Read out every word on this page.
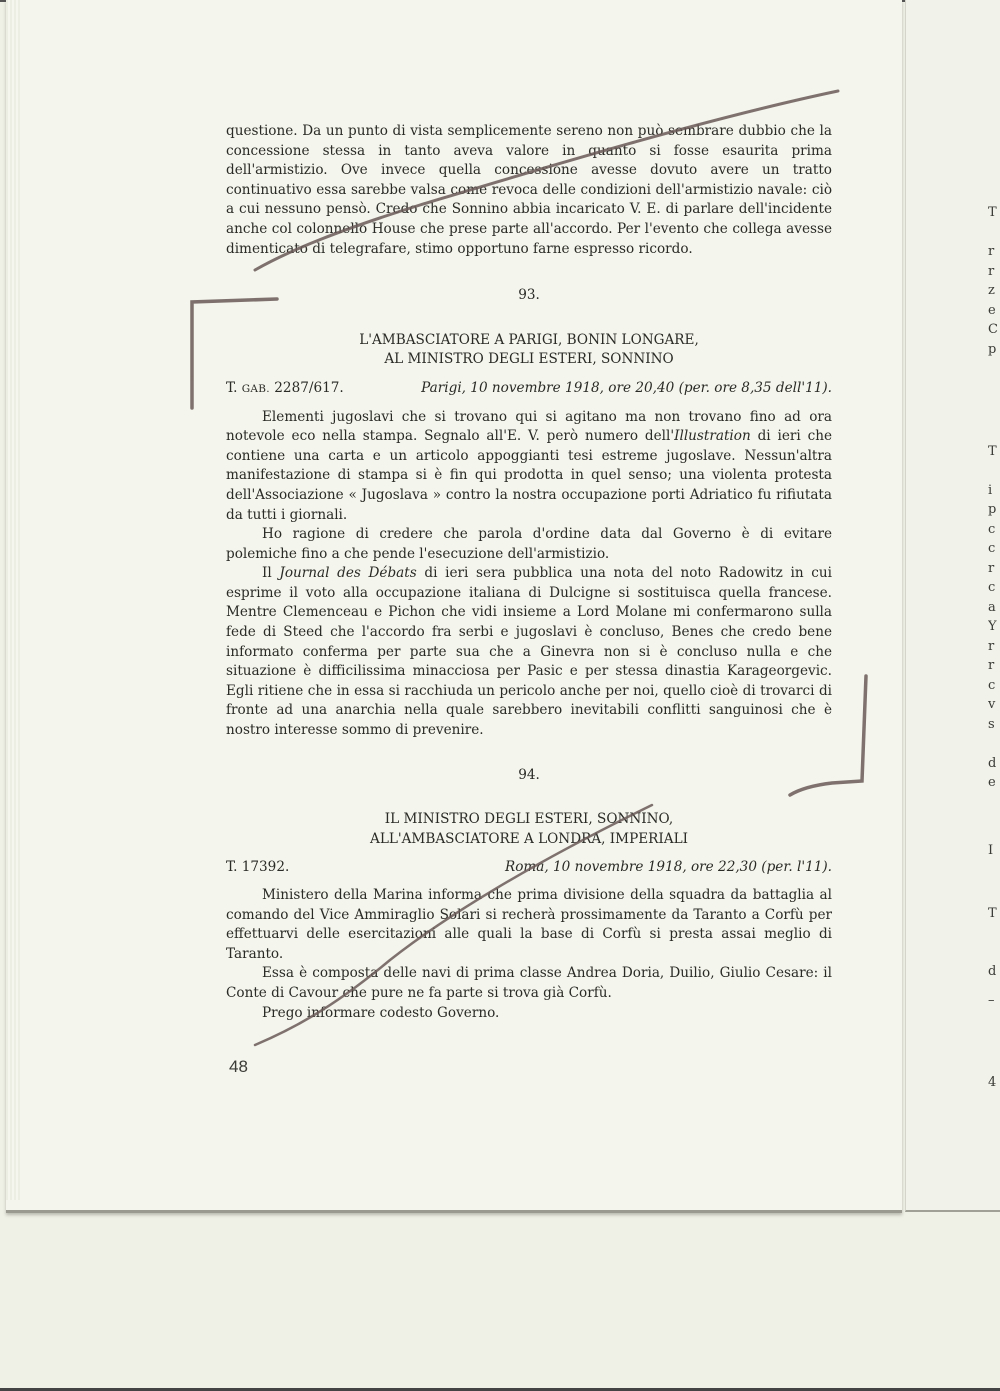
T
r
r
z
e
C
p
T
i
p
c
c
r
c
a
Y
r
r
c
v
s
d
e
I
T
d
–
4

questione. Da un punto di vista semplicemente sereno non può sembrare dubbio che la concessione stessa in tanto aveva valore in quanto si fosse esaurita prima dell'armistizio. Ove invece quella concessione avesse dovuto avere un tratto continuativo essa sarebbe valsa come revoca delle condizioni dell'armistizio navale: ciò a cui nessuno pensò. Credo che Sonnino abbia incaricato V. E. di parlare dell'incidente anche col colonnello House che prese parte all'accordo. Per l'evento che collega avesse dimenticato di telegrafare, stimo opportuno farne espresso ricordo.

93.
L'AMBASCIATORE A PARIGI, BONIN LONGARE,
AL MINISTRO DEGLI ESTERI, SONNINO
T. GAB. 2287/617.	Parigi, 10 novembre 1918, ore 20,40 (per. ore 8,35 dell'11).

Elementi jugoslavi che si trovano qui si agitano ma non trovano fino ad ora notevole eco nella stampa. Segnalo all'E. V. però numero dell'Illustration di ieri che contiene una carta e un articolo appoggianti tesi estreme jugoslave. Nessun'altra manifestazione di stampa si è fin qui prodotta in quel senso; una violenta protesta dell'Associazione « Jugoslava » contro la nostra occupazione porti Adriatico fu rifiutata da tutti i giornali.

Ho ragione di credere che parola d'ordine data dal Governo è di evitare polemiche fino a che pende l'esecuzione dell'armistizio.

Il Journal des Débats di ieri sera pubblica una nota del noto Radowitz in cui esprime il voto alla occupazione italiana di Dulcigne si sostituisca quella francese. Mentre Clemenceau e Pichon che vidi insieme a Lord Molane mi confermarono sulla fede di Steed che l'accordo fra serbi e jugoslavi è concluso, Benes che credo bene informato conferma per parte sua che a Ginevra non si è concluso nulla e che situazione è difficilissima minacciosa per Pasic e per stessa dinastia Karageorgevic. Egli ritiene che in essa si racchiuda un pericolo anche per noi, quello cioè di trovarci di fronte ad una anarchia nella quale sarebbero inevitabili conflitti sanguinosi che è nostro interesse sommo di prevenire.

94.
IL MINISTRO DEGLI ESTERI, SONNINO,
ALL'AMBASCIATORE A LONDRA, IMPERIALI
T. 17392.	Roma, 10 novembre 1918, ore 22,30 (per. l'11).

Ministero della Marina informa che prima divisione della squadra da battaglia al comando del Vice Ammiraglio Solari si recherà prossimamente da Taranto a Corfù per effettuarvi delle esercitazioni alle quali la base di Corfù si presta assai meglio di Taranto.

Essa è composta delle navi di prima classe Andrea Doria, Duilio, Giulio Cesare: il Conte di Cavour che pure ne fa parte si trova già Corfù.

Prego informare codesto Governo.

48
